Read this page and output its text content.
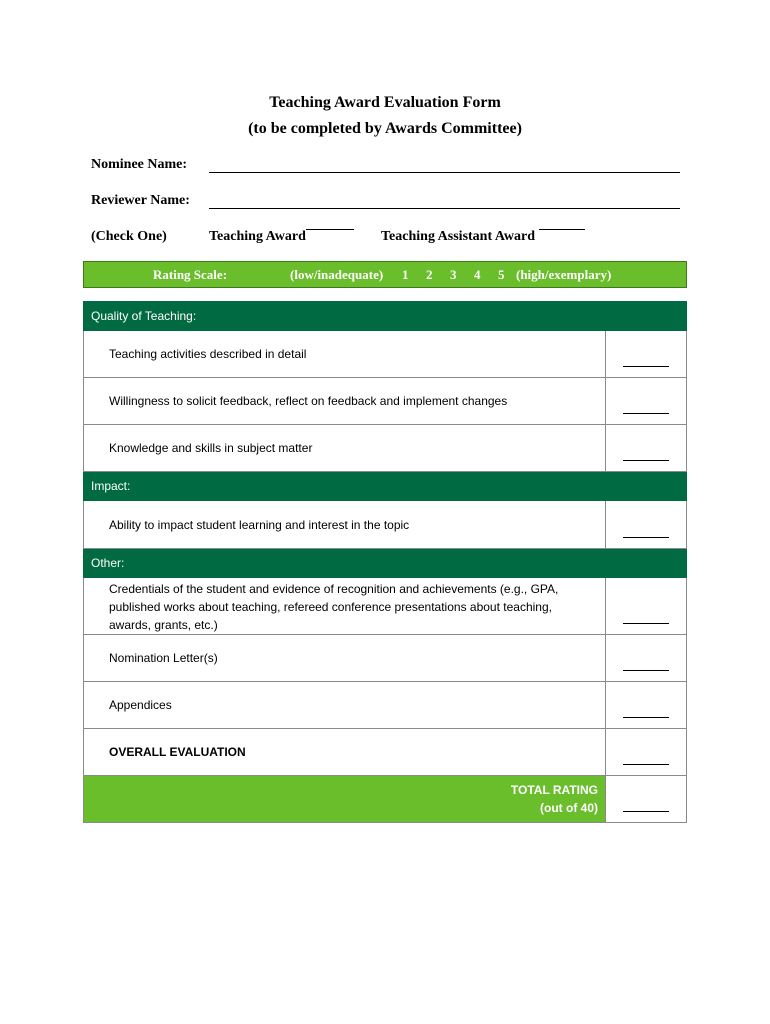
Teaching Award Evaluation Form
(to be completed by Awards Committee)
Nominee Name:
Reviewer Name:
(Check One)	Teaching Award	Teaching Assistant Award
Rating Scale:	(low/inadequate) 1 2 3 4 5 (high/exemplary)
Quality of Teaching:	
Teaching activities described in detail	

Willingness to solicit feedback, reflect on feedback and implement changes	

Knowledge and skills in subject matter	

Impact:	
Ability to impact student learning and interest in the topic	

Other:	
Credentials of the student and evidence of recognition and achievements (e.g., GPA, published works about teaching, refereed conference presentations about teaching, awards, grants, etc.)	

Nomination Letter(s)	

Appendices	

OVERALL EVALUATION	

TOTAL RATING
(out of 40)	
